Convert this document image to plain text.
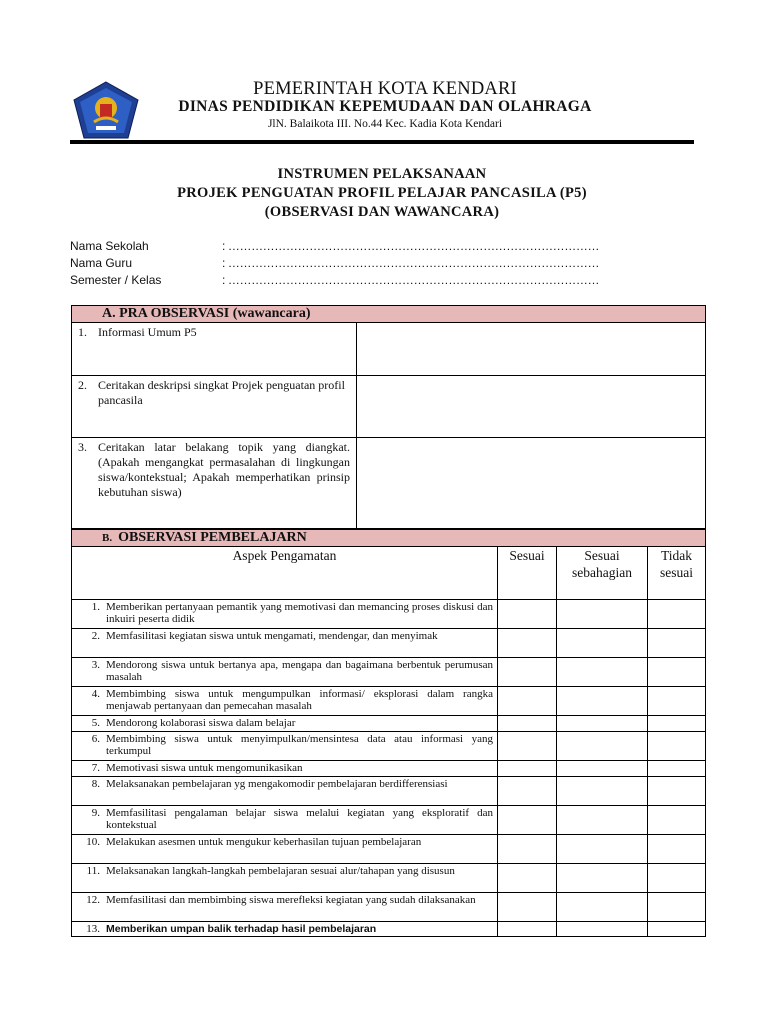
PEMERINTAH KOTA KENDARI
DINAS PENDIDIKAN KEPEMUDAAN DAN OLAHRAGA
JlN. Balaikota III. No.44 Kec. Kadia Kota Kendari
INSTRUMEN PELAKSANAAN
PROJEK PENGUATAN PROFIL PELAJAR PANCASILA (P5)
(OBSERVASI DAN WAWANCARA)
Nama Sekolah	: ……………………………………………………………………………………
Nama Guru	: ……………………………………………………………………………………
Semester / Kelas	: ……………………………………………………………………………………
A. PRA OBSERVASI (wawancara)	

1. Informasi Umum P5	

2. Ceritakan deskripsi singkat Projek penguatan profil pancasila	

3. Ceritakan latar belakang topik yang diangkat. (Apakah mengangkat permasalahan di lingkungan siswa/kontekstual; Apakah memperhatikan prinsip kebutuhan siswa)	

B. OBSERVASI PEMBELAJARN			
Aspek Pengamatan	Sesuai	Sesuai sebahagian	Tidak sesuai

1. Memberikan pertanyaan pemantik yang memotivasi dan memancing proses diskusi dan inkuiri peserta didik			

2. Memfasilitasi kegiatan siswa untuk mengamati, mendengar, dan menyimak			

3. Mendorong siswa untuk bertanya apa, mengapa dan bagaimana berbentuk perumusan masalah			

4. Membimbing siswa untuk mengumpulkan informasi/ eksplorasi dalam rangka menjawab pertanyaan dan pemecahan masalah			

5. Mendorong kolaborasi siswa dalam belajar			

6. Membimbing siswa untuk menyimpulkan/mensintesa data atau informasi yang terkumpul			

7. Memotivasi siswa untuk mengomunikasikan			

8. Melaksanakan pembelajaran yg mengakomodir pembelajaran berdifferensiasi			

9. Memfasilitasi pengalaman belajar siswa melalui kegiatan yang eksploratif dan kontekstual			

10. Melakukan asesmen untuk mengukur keberhasilan tujuan pembelajaran			

11. Melaksanakan langkah-langkah pembelajaran sesuai alur/tahapan yang disusun			

12. Memfasilitasi dan membimbing siswa merefleksi kegiatan yang sudah dilaksanakan			

13. Memberikan umpan balik terhadap hasil pembelajaran			
